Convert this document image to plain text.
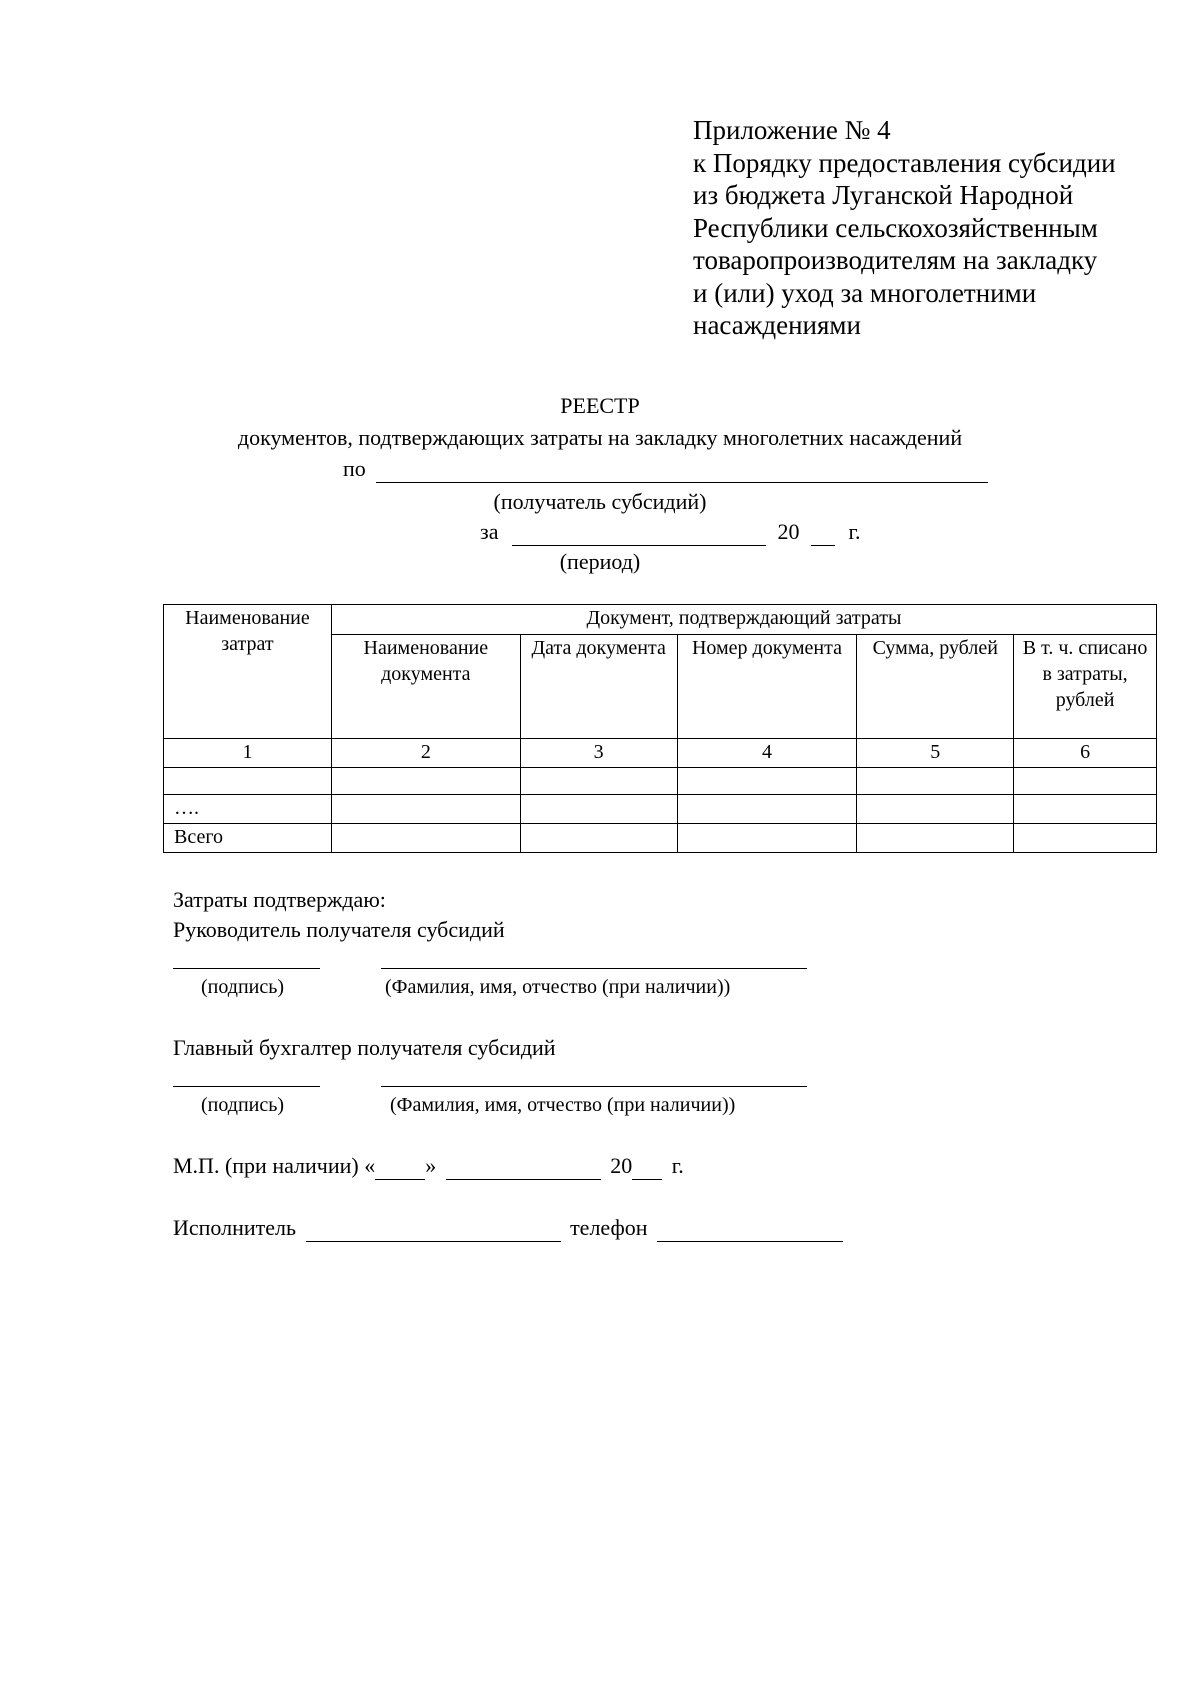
Приложение № 4
к Порядку предоставления субсидии
из бюджета Луганской Народной
Республики сельскохозяйственным
товаропроизводителям на закладку
и (или) уход за многолетними
насаждениями
РЕЕСТР
документов, подтверждающих затраты на закладку многолетних насаждений
по
(получатель субсидий)
за	20 г.
(период)
Наименование затрат	Документ, подтверждающий затраты				
	Наименование документа	Дата документа	Номер документа	Сумма, рублей	В т. ч. списано в затраты, рублей
1	2	3	4	5	6

….					
Всего					
Затраты подтверждаю:
Руководитель получателя субсидий
(подпись)	(Фамилия, имя, отчество (при наличии))
Главный бухгалтер получателя субсидий
(подпись)	(Фамилия, имя, отчество (при наличии))
М.П. (при наличии) « »	20 г.
Исполнитель	телефон
